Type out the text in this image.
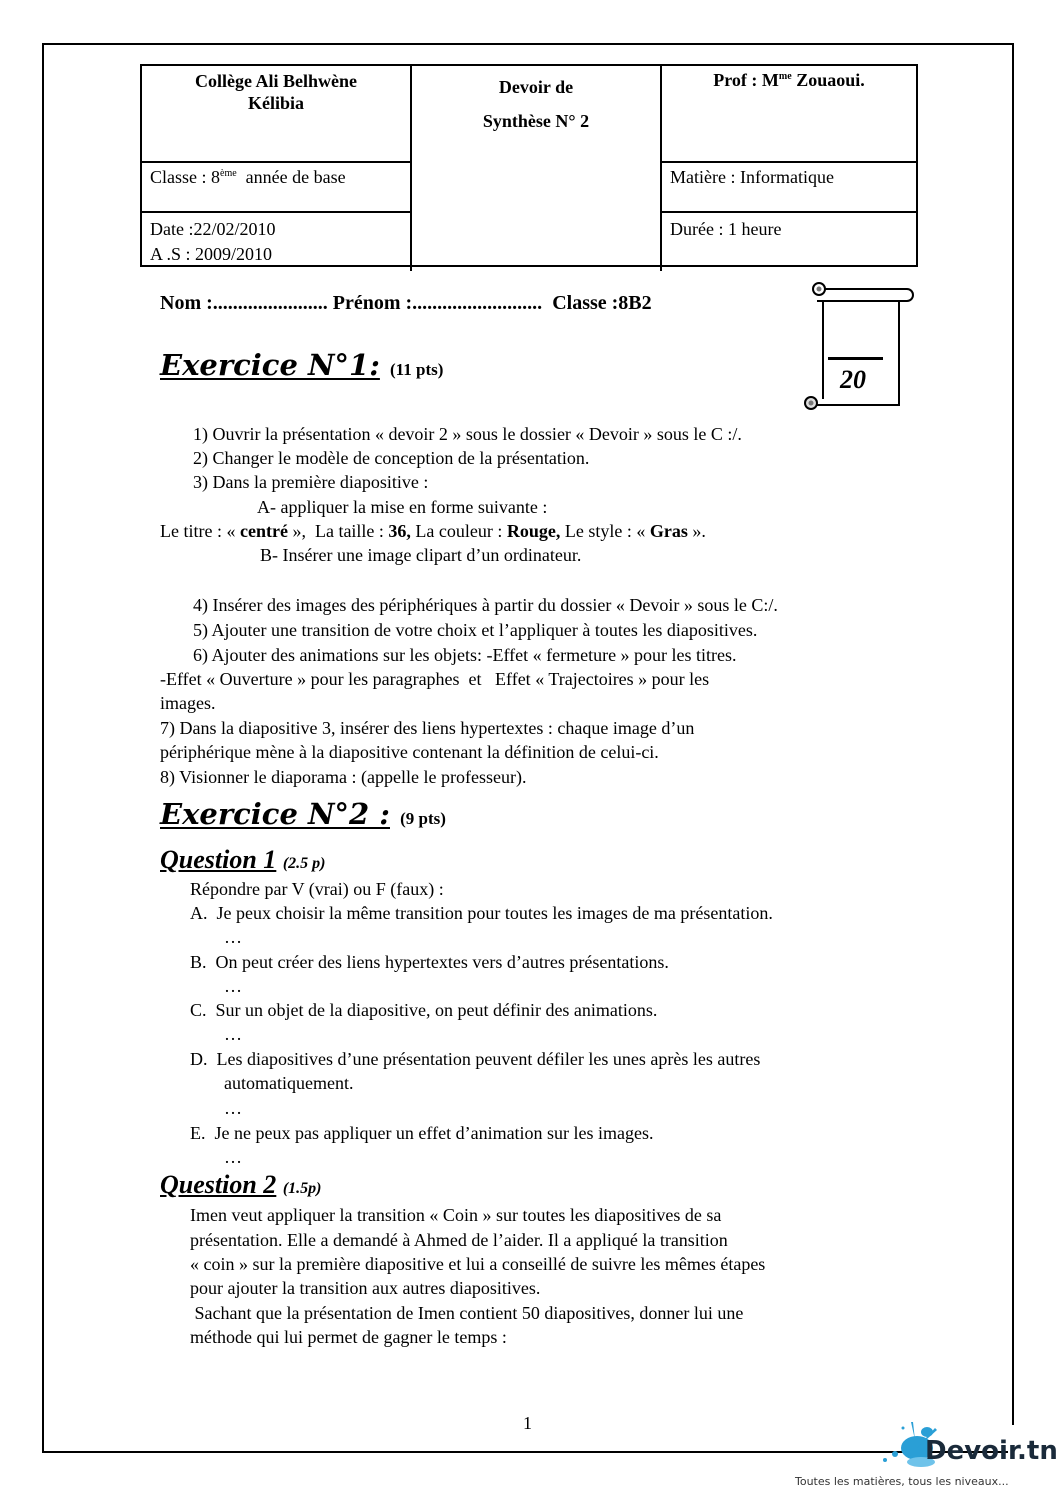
Collège Ali Belhwène
Kélibia
Classe : 8ème  année de base
Date :22/02/2010
A .S : 2009/2010
Devoir de
Synthèse N° 2
Prof : $M^{me}$ Zouaoui.
Matière : Informatique
Durée : 1 heure
Nom :....................... Prénom :..........................  Classe :8B2
20
Exercice N°1: (11 pts)
1) Ouvrir la présentation « devoir 2 » sous le dossier « Devoir » sous le C :/.
2) Changer le modèle de conception de la présentation.
3) Dans la première diapositive :
A- appliquer la mise en forme suivante :
Le titre : « centré »,  La taille : 36, La couleur : Rouge, Le style : « Gras ».
B- Insérer une image clipart d’un ordinateur.
4) Insérer des images des périphériques à partir du dossier « Devoir » sous le C:/.
5) Ajouter une transition de votre choix et l’appliquer à toutes les diapositives.
6) Ajouter des animations sur les objets: -Effet « fermeture » pour les titres.
-Effet « Ouverture » pour les paragraphes  et   Effet « Trajectoires » pour les
images.
7) Dans la diapositive 3, insérer des liens hypertextes : chaque image d’un
périphérique mène à la diapositive contenant la définition de celui-ci.
8) Visionner le diaporama : (appelle le professeur).
Exercice N°2 : (9 pts)
Question 1 (2.5 p)
Répondre par V (vrai) ou F (faux) :
A.  Je peux choisir la même transition pour toutes les images de ma présentation.
…
B.  On peut créer des liens hypertextes vers d’autres présentations.
…
C.  Sur un objet de la diapositive, on peut définir des animations.
…
D.  Les diapositives d’une présentation peuvent défiler les unes après les autres
automatiquement.
…
E.  Je ne peux pas appliquer un effet d’animation sur les images.
…
Question 2 (1.5p)
Imen veut appliquer la transition « Coin » sur toutes les diapositives de sa
présentation. Elle a demandé à Ahmed de l’aider. Il a appliqué la transition
« coin » sur la première diapositive et lui a conseillé de suivre les mêmes étapes
pour ajouter la transition aux autres diapositives.
Sachant que la présentation de Imen contient 50 diapositives, donner lui une
méthode qui lui permet de gagner le temps :
1
Devoir.tn
Toutes les matières, tous les niveaux...
